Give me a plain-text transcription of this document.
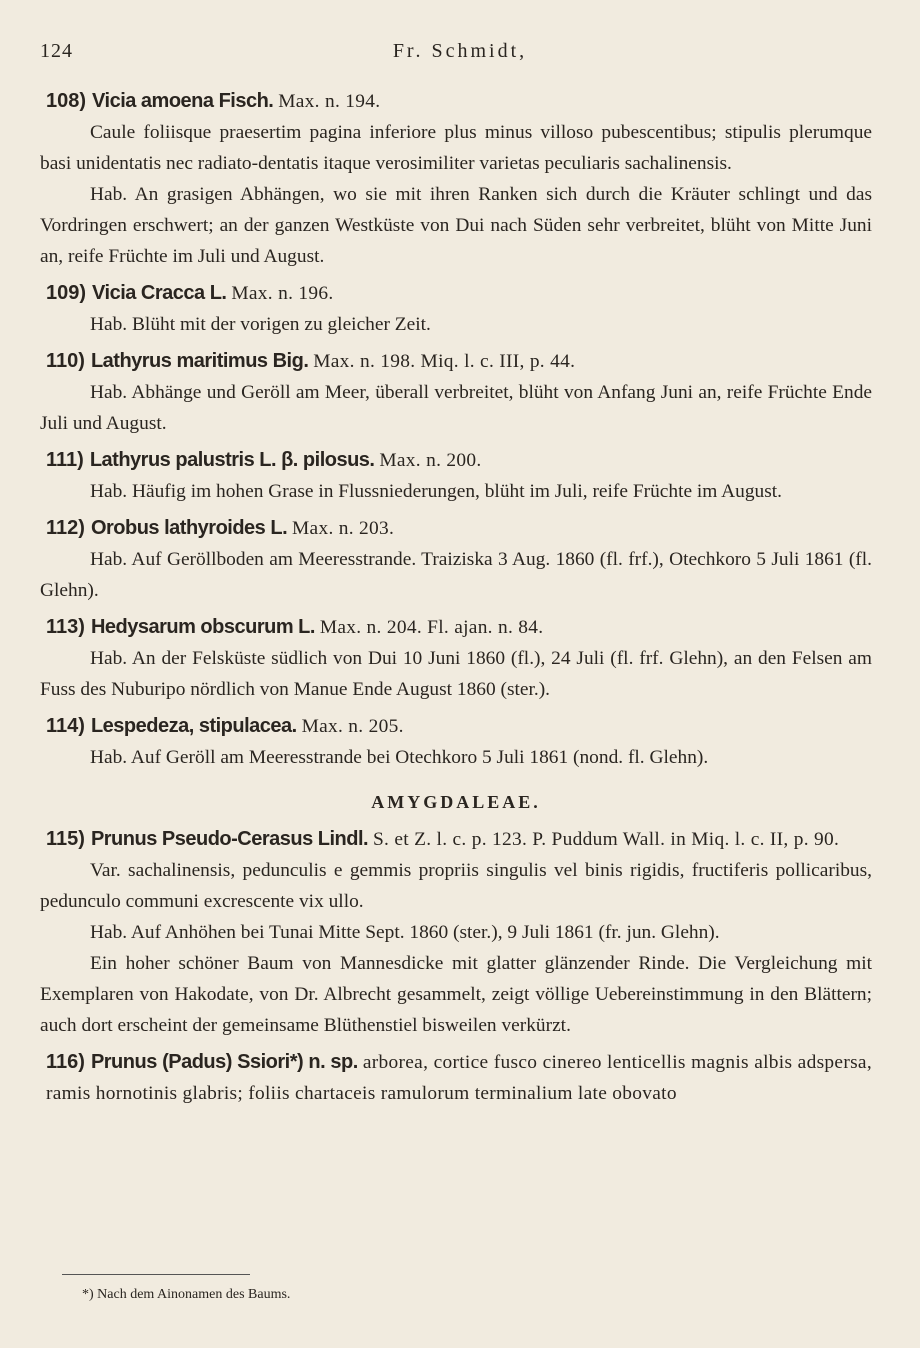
124	Fr. Schmidt,
108) Vicia amoena Fisch. Max. n. 194.

Caule foliisque praesertim pagina inferiore plus minus villoso pubescentibus; stipulis plerumque basi unidentatis nec radiato-dentatis itaque verosimiliter varietas peculiaris sachalinensis.

Hab. An grasigen Abhängen, wo sie mit ihren Ranken sich durch die Kräuter schlingt und das Vordringen erschwert; an der ganzen Westküste von Dui nach Süden sehr verbreitet, blüht von Mitte Juni an, reife Früchte im Juli und August.

109) Vicia Cracca L. Max. n. 196.

Hab. Blüht mit der vorigen zu gleicher Zeit.

110) Lathyrus maritimus Big. Max. n. 198. Miq. l. c. III, p. 44.

Hab. Abhänge und Geröll am Meer, überall verbreitet, blüht von Anfang Juni an, reife Früchte Ende Juli und August.

111) Lathyrus palustris L. β. pilosus. Max. n. 200.

Hab. Häufig im hohen Grase in Flussniederungen, blüht im Juli, reife Früchte im August.

112) Orobus lathyroides L. Max. n. 203.

Hab. Auf Geröllboden am Meeresstrande. Traiziska 3 Aug. 1860 (fl. frf.), Otechkoro 5 Juli 1861 (fl. Glehn).

113) Hedysarum obscurum L. Max. n. 204. Fl. ajan. n. 84.

Hab. An der Felsküste südlich von Dui 10 Juni 1860 (fl.), 24 Juli (fl. frf. Glehn), an den Felsen am Fuss des Nuburipo nördlich von Manue Ende August 1860 (ster.).

114) Lespedeza, stipulacea. Max. n. 205.

Hab. Auf Geröll am Meeresstrande bei Otechkoro 5 Juli 1861 (nond. fl. Glehn).

AMYGDALEAE.
115) Prunus Pseudo-Cerasus Lindl. S. et Z. l. c. p. 123. P. Puddum Wall. in Miq. l. c. II, p. 90.

Var. sachalinensis, pedunculis e gemmis propriis singulis vel binis rigidis, fructiferis pollicaribus, pedunculo communi excrescente vix ullo.

Hab. Auf Anhöhen bei Tunai Mitte Sept. 1860 (ster.), 9 Juli 1861 (fr. jun. Glehn).

Ein hoher schöner Baum von Mannesdicke mit glatter glänzender Rinde. Die Vergleichung mit Exemplaren von Hakodate, von Dr. Albrecht gesammelt, zeigt völlige Uebereinstimmung in den Blättern; auch dort erscheint der gemeinsame Blüthenstiel bisweilen verkürzt.

116) Prunus (Padus) Ssiori*) n. sp. arborea, cortice fusco cinereo lenticellis magnis albis adspersa, ramis hornotinis glabris; foliis chartaceis ramulorum terminalium late obovato
*) Nach dem Ainonamen des Baums.
